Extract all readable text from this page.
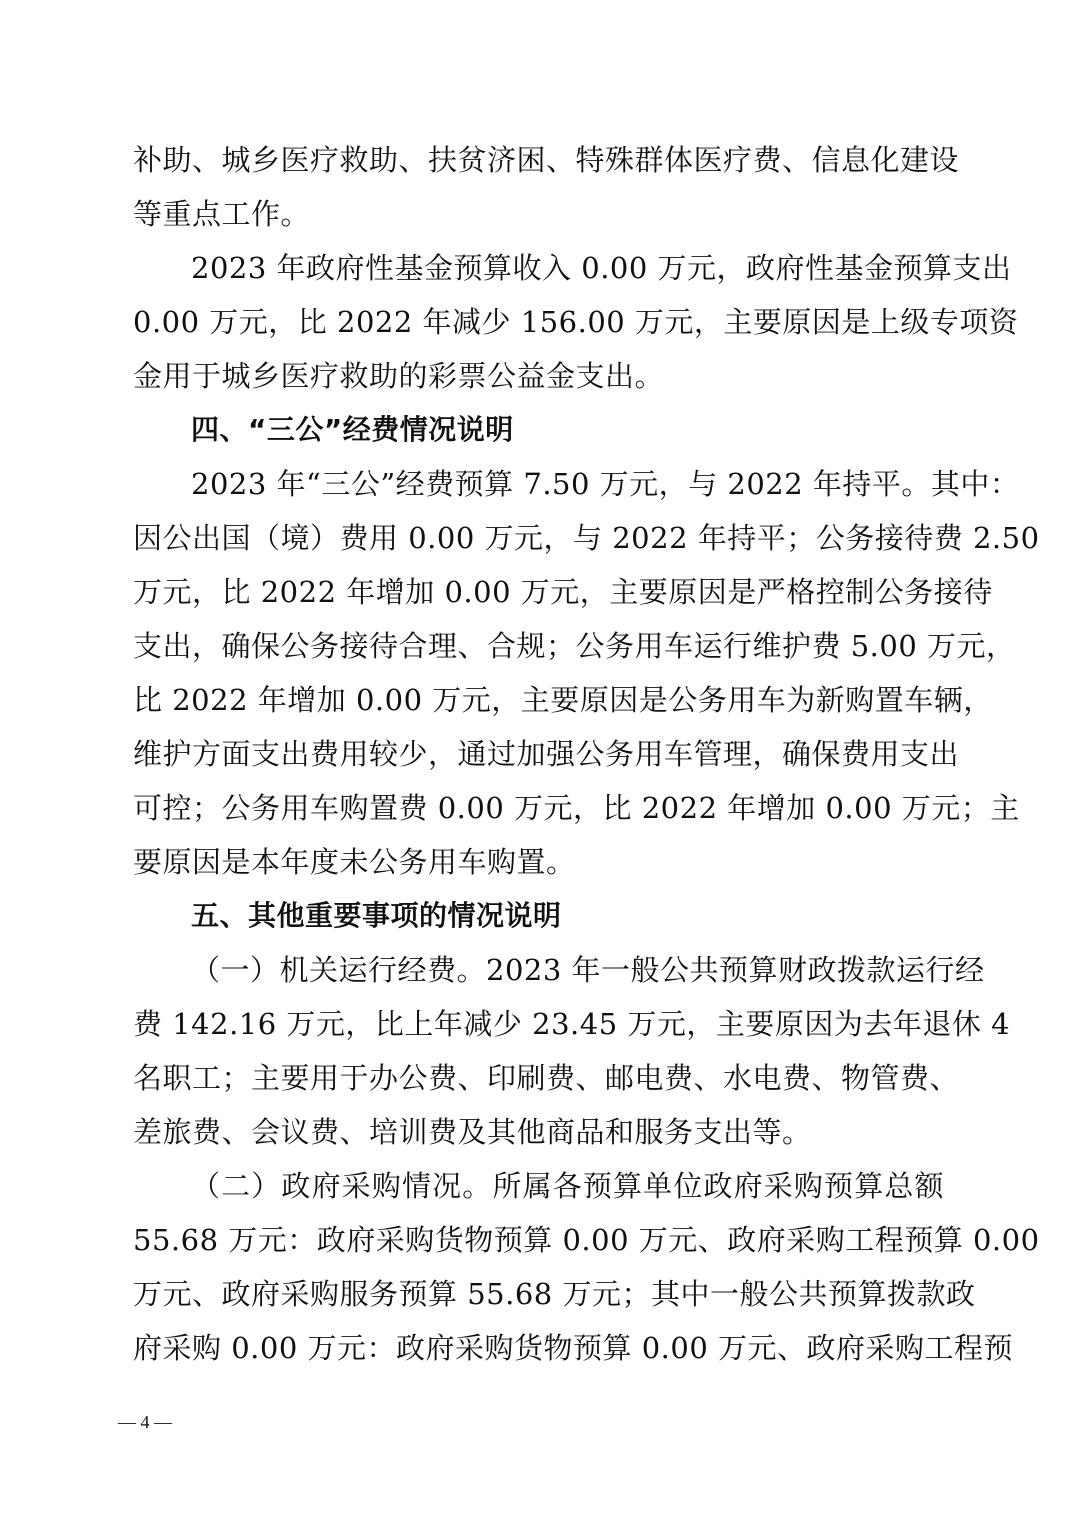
补助、城乡医疗救助、扶贫济困、特殊群体医疗费、信息化建设
等重点工作。
2023 年政府性基金预算收入 0.00 万元，政府性基金预算支出
0.00 万元，比 2022 年减少 156.00 万元，主要原因是上级专项资
金用于城乡医疗救助的彩票公益金支出。
四、“三公”经费情况说明
2023 年“三公”经费预算 7.50 万元，与 2022 年持平。其中：
因公出国（境）费用 0.00 万元，与 2022 年持平；公务接待费 2.50
万元，比 2022 年增加 0.00 万元，主要原因是严格控制公务接待
支出，确保公务接待合理、合规；公务用车运行维护费 5.00 万元，
比 2022 年增加 0.00 万元，主要原因是公务用车为新购置车辆，
维护方面支出费用较少，通过加强公务用车管理，确保费用支出
可控；公务用车购置费 0.00 万元，比 2022 年增加 0.00 万元；主
要原因是本年度未公务用车购置。
五、其他重要事项的情况说明
（一）机关运行经费。2023 年一般公共预算财政拨款运行经
费 142.16 万元，比上年减少 23.45 万元，主要原因为去年退休 4
名职工；主要用于办公费、印刷费、邮电费、水电费、物管费、
差旅费、会议费、培训费及其他商品和服务支出等。
（二）政府采购情况。所属各预算单位政府采购预算总额
55.68 万元：政府采购货物预算 0.00 万元、政府采购工程预算 0.00
万元、政府采购服务预算 55.68 万元；其中一般公共预算拨款政
府采购 0.00 万元：政府采购货物预算 0.00 万元、政府采购工程预
— 4 —
